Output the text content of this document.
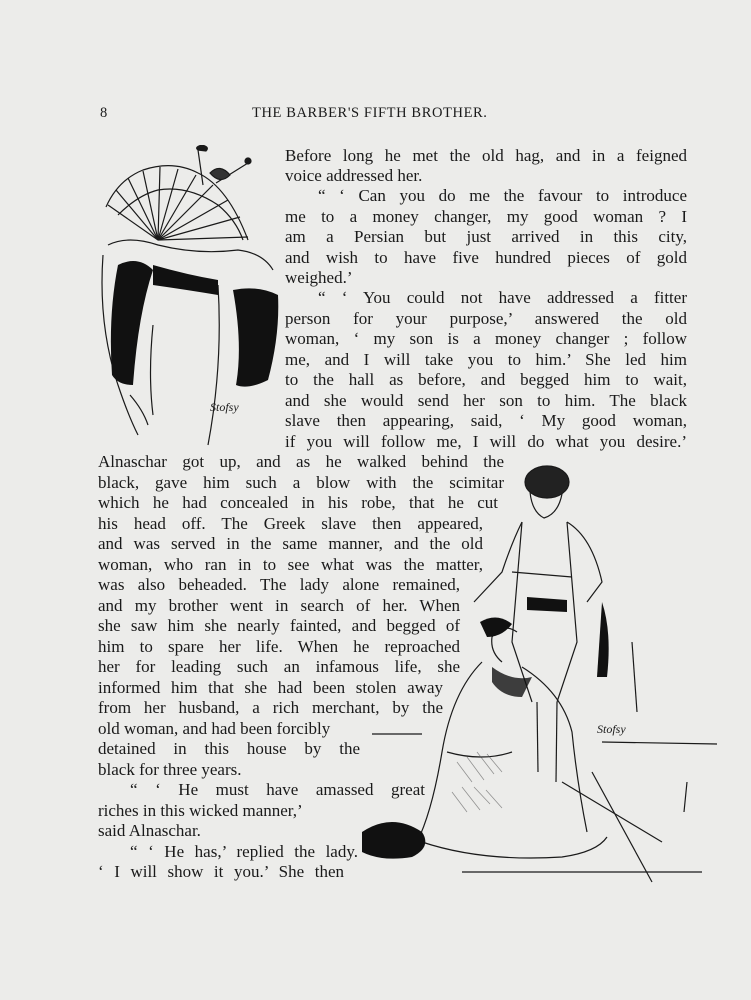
8	THE BARBER'S FIFTH BROTHER.
Stofsy
Stofsy
Before long he met the old hag, and in a feigned
voice addressed her.
“ ‘ Can you do me the favour to introduce
me to a money changer, my good woman ? I
am a Persian but just arrived in this city,
and wish to have five hundred pieces of gold
weighed.’
“ ‘ You could not have addressed a fitter
person for your purpose,’ answered the old
woman, ‘ my son is a money changer ; follow
me, and I will take you to him.’ She led him
to the hall as before, and begged him to wait,
and she would send her son to him. The black
slave then appearing, said, ‘ My good woman,
if you will follow me, I will do what you desire.’
Alnaschar got up, and as he walked behind the
black, gave him such a blow with the scimitar
which he had concealed in his robe, that he cut
his head off. The Greek slave then appeared,
and was served in the same manner, and the old
woman, who ran in to see what was the matter,
was also beheaded. The lady alone remained,
and my brother went in search of her. When
she saw him she nearly fainted, and begged of
him to spare her life. When he reproached
her for leading such an infamous life, she
informed him that she had been stolen away
from her husband, a rich merchant, by the
old woman, and had been forcibly
detained in this house by the
black for three years.
“ ‘ He must have amassed great
riches in this wicked manner,’
said Alnaschar.
“ ‘ He has,’ replied the lady.
‘ I will show it you.’ She then
